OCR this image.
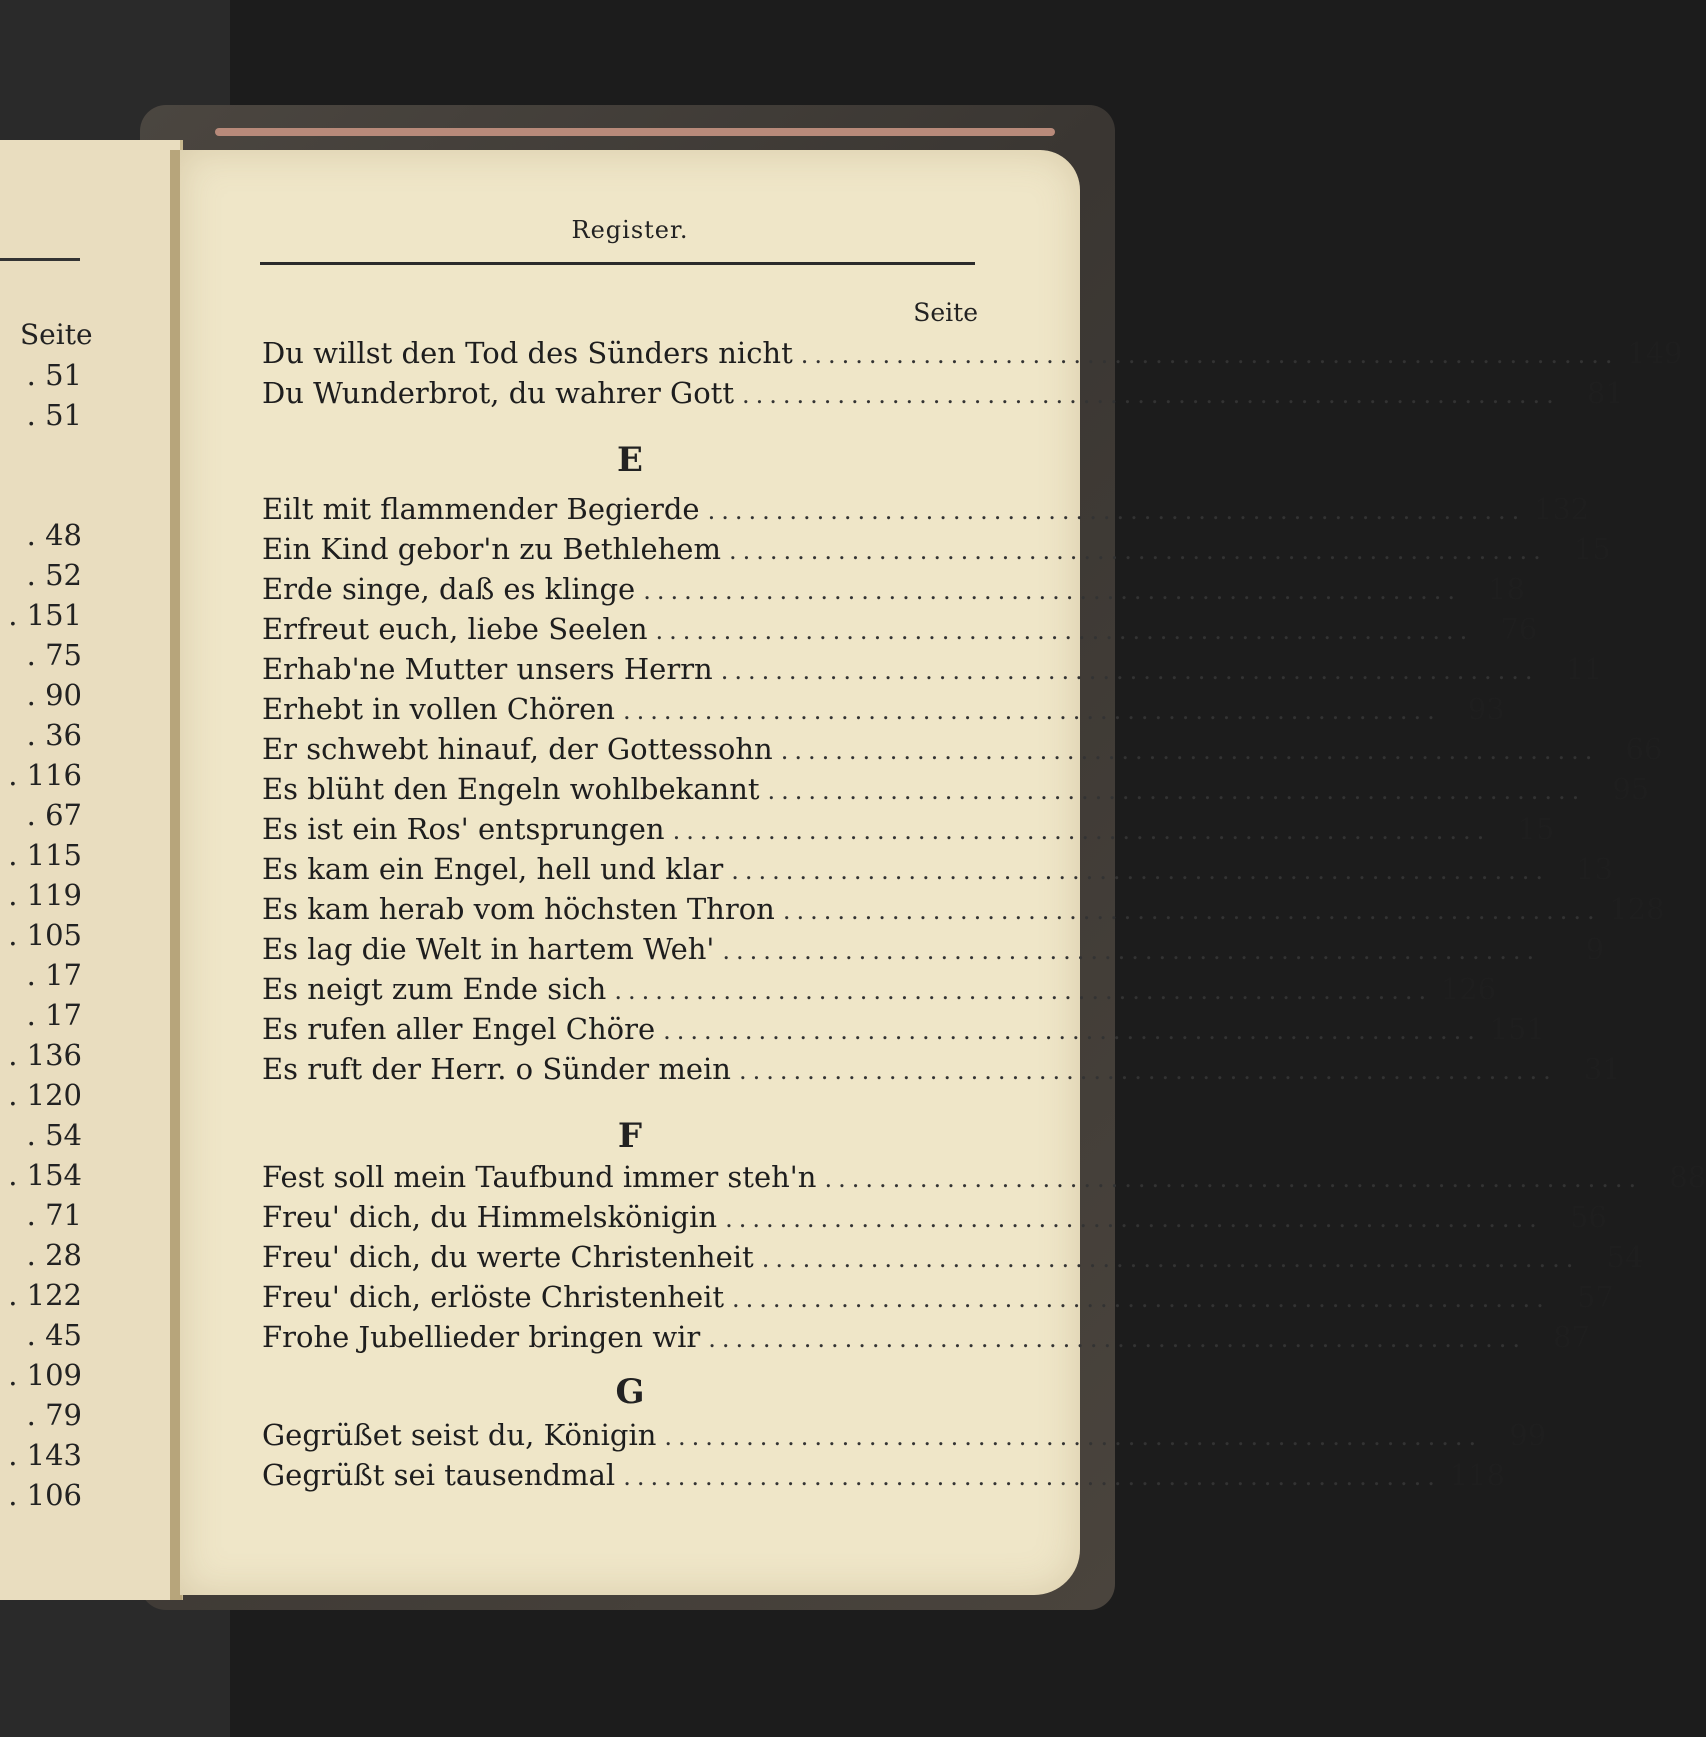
Seite
. 51
. 51
. 48
. 52
. 151
. 75
. 90
. 36
. 116
. 67
. 115
. 119
. 105
. 17
. 17
. 136
. 120
. 54
. 154
. 71
. 28
. 122
. 45
. 109
. 79
. 143
. 106
Register.
Seite
Du willst den Tod des Sünders nicht ............................................................ 149
Du Wunderbrot, du wahrer Gott ............................................................ 81
E
Eilt mit flammender Begierde ............................................................ 132
Ein Kind gebor'n zu Bethlehem ............................................................ 15
Erde singe, daß es klinge ............................................................ 18
Erfreut euch, liebe Seelen ............................................................ 76
Erhab'ne Mutter unsers Herrn ............................................................ 11
Erhebt in vollen Chören ............................................................ 93
Er schwebt hinauf, der Gottessohn ............................................................ 66
Es blüht den Engeln wohlbekannt ............................................................ 95
Es ist ein Ros' entsprungen ............................................................ 15
Es kam ein Engel, hell und klar ............................................................ 13
Es kam herab vom höchsten Thron ............................................................ 128
Es lag die Welt in hartem Weh' ............................................................	9
Es neigt zum Ende sich ............................................................ 126
Es rufen aller Engel Chöre ............................................................ 151
Es ruft der Herr. o Sünder mein ............................................................ 31
F
Fest soll mein Taufbund immer steh'n ............................................................ 88
Freu' dich, du Himmelskönigin ............................................................ 56
Freu' dich, du werte Christenheit ............................................................ 54
Freu' dich, erlöste Christenheit ............................................................ 57
Frohe Jubellieder bringen wir ............................................................ 87
G
Gegrüßet seist du, Königin ............................................................ 99
Gegrüßt sei tausendmal ............................................................ 118
